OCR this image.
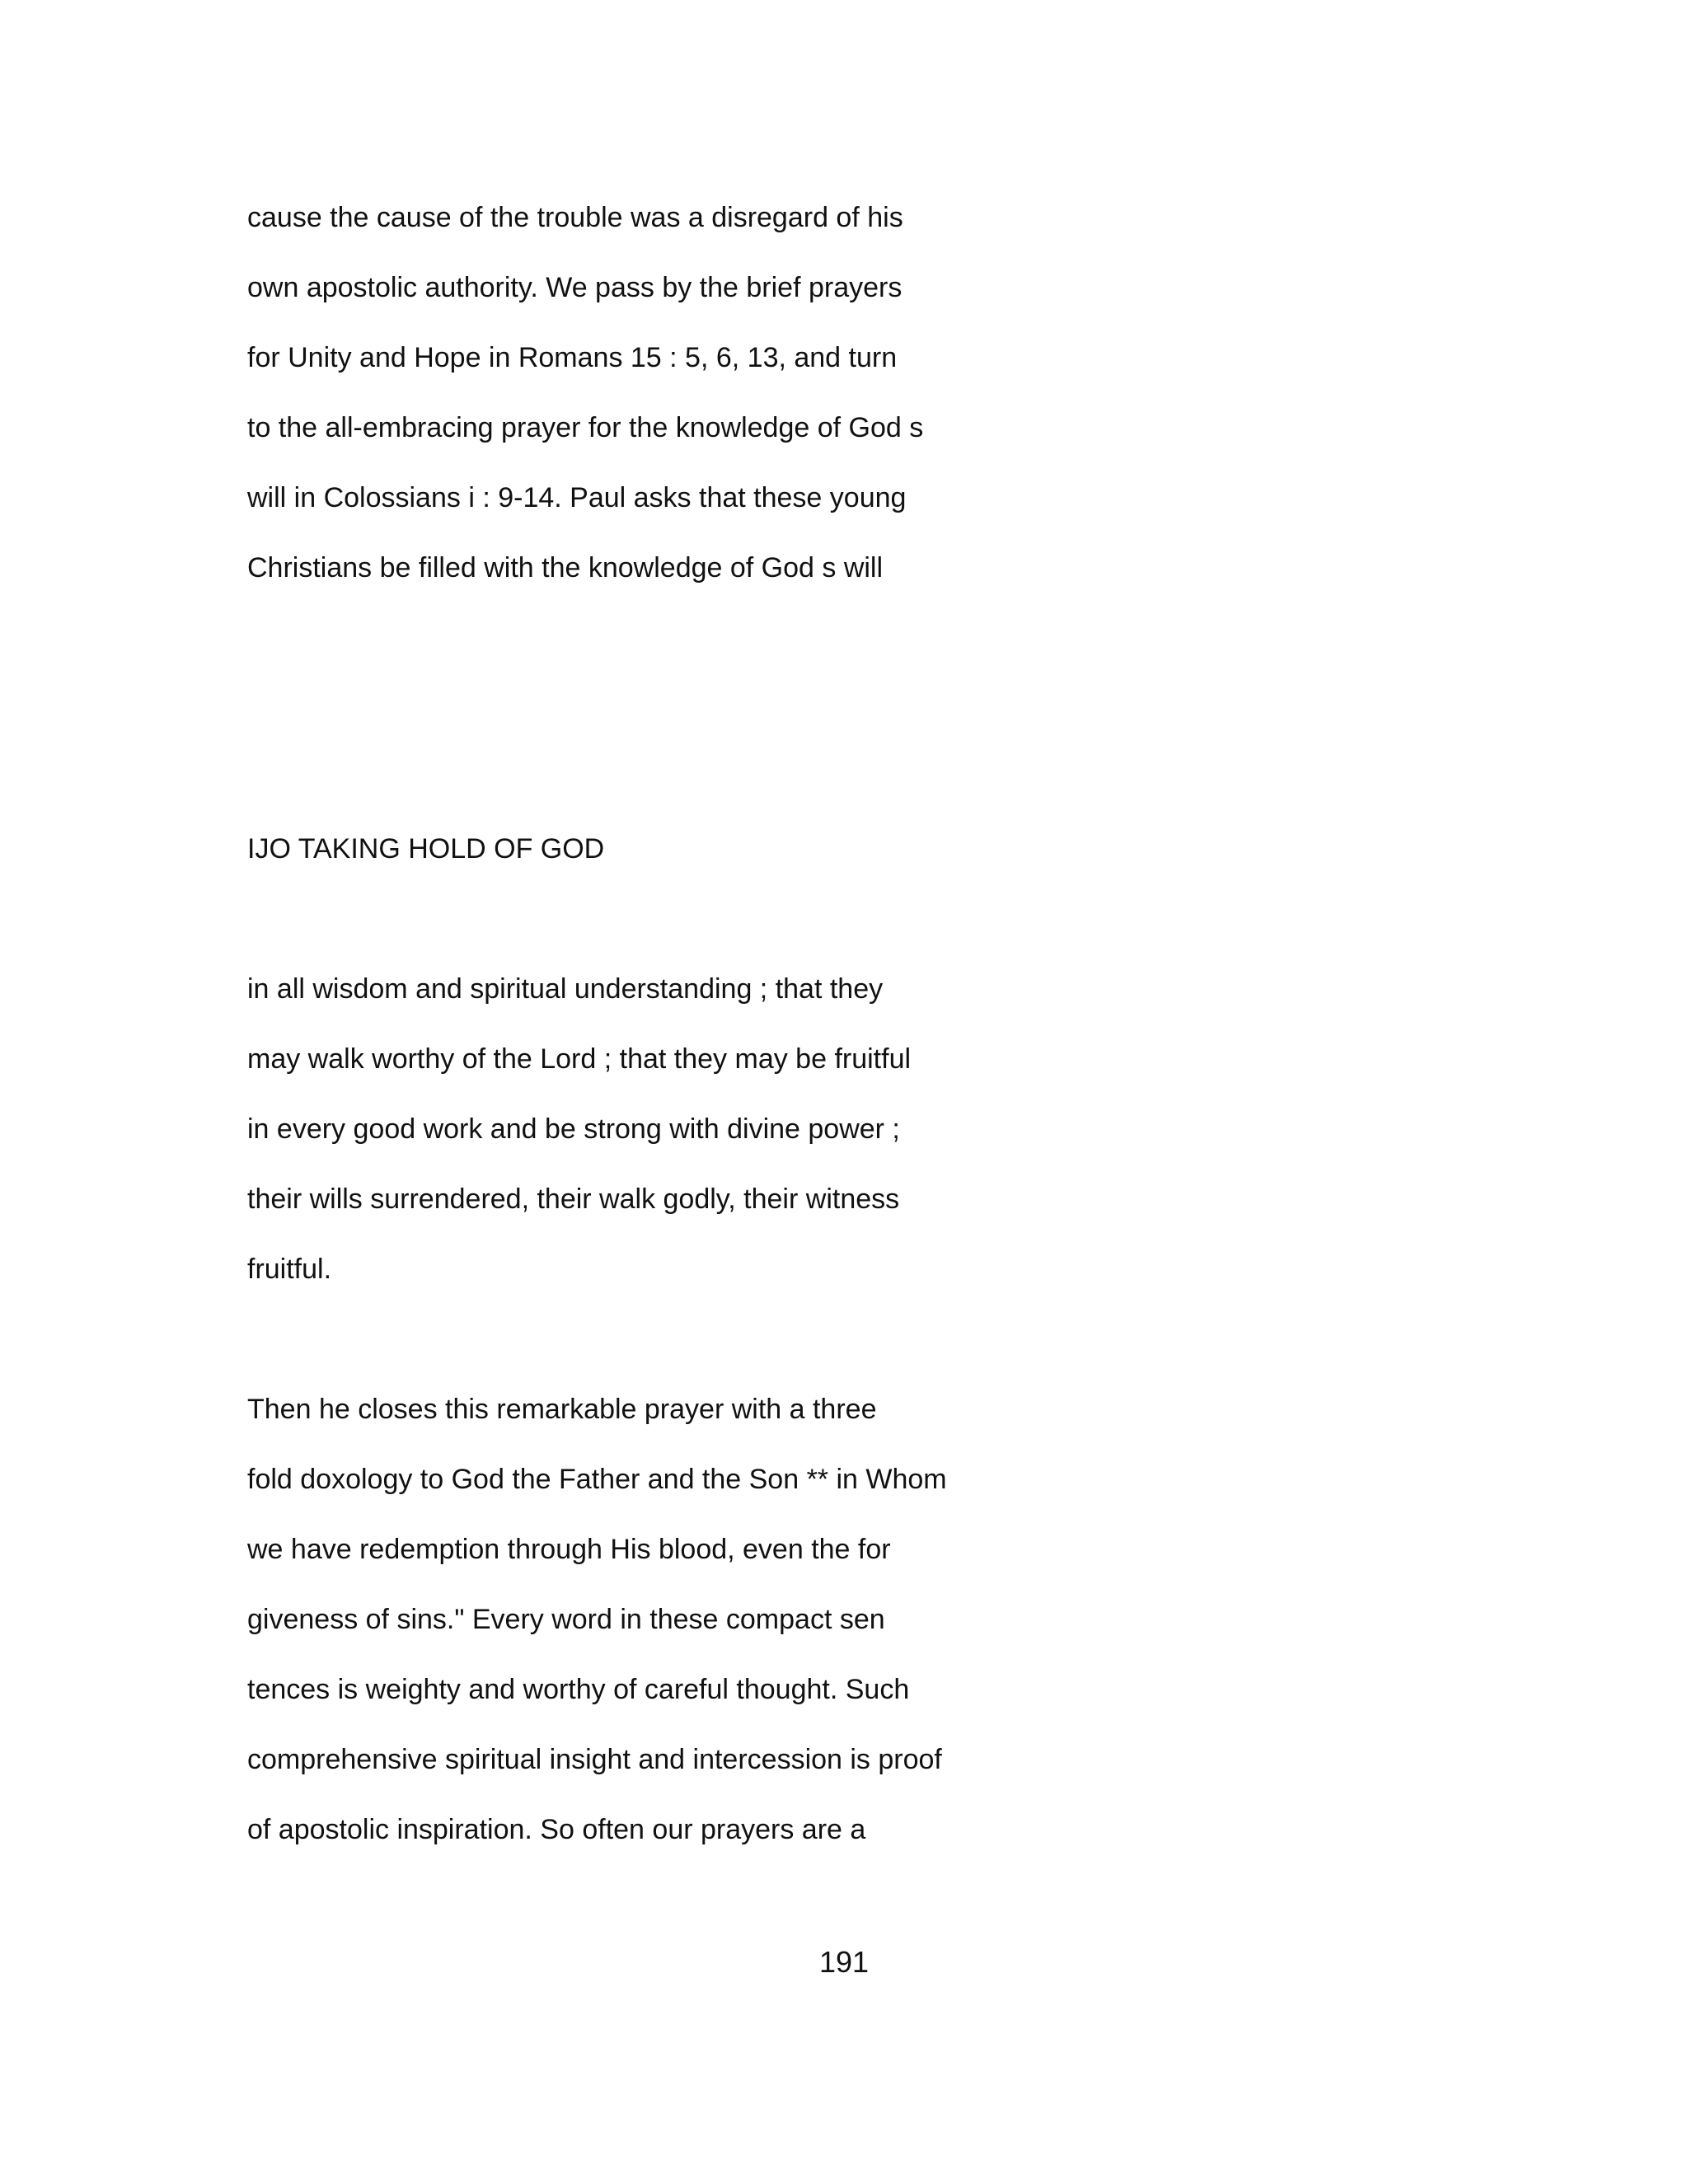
cause the cause of the trouble was a disregard of his
own apostolic authority. We pass by the brief prayers
for Unity and Hope in Romans 15 : 5, 6, 13, and turn
to the all-embracing prayer for the knowledge of God s
will in Colossians i : 9-14. Paul asks that these young
Christians be filled with the knowledge of God s will
IJO TAKING HOLD OF GOD
in all wisdom and spiritual understanding ; that they
may walk worthy of the Lord ; that they may be fruitful
in every good work and be strong with divine power ;
their wills surrendered, their walk godly, their witness
fruitful.
Then he closes this remarkable prayer with a three
fold doxology to God the Father and the Son ** in Whom
we have redemption through His blood, even the for
giveness of sins." Every word in these compact sen
tences is weighty and worthy of careful thought. Such
comprehensive spiritual insight and intercession is proof
of apostolic inspiration. So often our prayers are a
191
